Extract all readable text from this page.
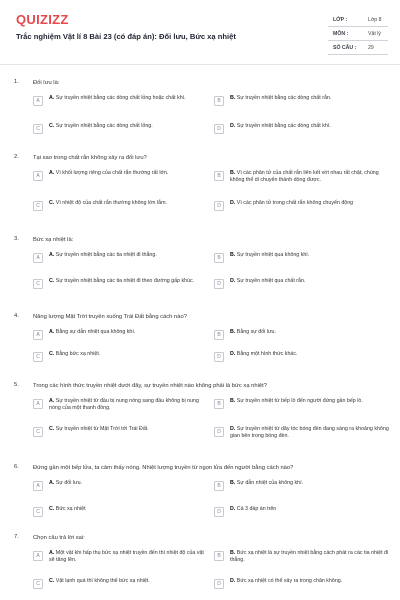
QUIZIZZ
Trắc nghiệm Vật lí 8 Bài 23 (có đáp án): Đối lưu, Bức xạ nhiệt
LỚP :	Lớp 8
MÔN :	Vật lý
SỐ CÂU : 29
1. Đối lưu là:
A	A. Sự truyền nhiệt bằng các dòng chất lỏng hoặc chất khí.	B	B. Sự truyền nhiệt bằng các dòng chất rắn.
C	C. Sự truyền nhiệt bằng các dòng chất lỏng.	D	D. Sự truyền nhiệt bằng các dòng chất khí.
2. Tại sao trong chất rắn không xảy ra đối lưu?
A	A. Vì khối lượng riêng của chất rắn thường rất lớn.	B	B. Vì các phân tử của chất rắn liên kết với nhau rất chặt, chúng không thể di chuyển thành dòng được.
C	C. Vì nhiệt độ của chất rắn thường không lớn lắm.	D	D. Vì các phân tử trong chất rắn không chuyển động
3. Bức xạ nhiệt là:
A	A. Sự truyền nhiệt bằng các tia nhiệt đi thẳng.	B	B. Sự truyền nhiệt qua không khí.
C	C. Sự truyền nhiệt bằng các tia nhiệt đi theo đường gấp khúc.	D	D. Sự truyền nhiệt qua chất rắn.
4. Năng lượng Mặt Trời truyền xuống Trái Đất bằng cách nào?
A	A. Bằng sự dẫn nhiệt qua không khí.	B	B. Bằng sự đối lưu.
C	C. Bằng bức xạ nhiệt.	D	D. Bằng một hình thức khác.
5. Trong các hình thức truyền nhiệt dưới đây, sự truyền nhiệt nào không phải là bức xạ nhiệt?
A	A. Sự truyền nhiệt từ đầu bị nung nóng sang đầu không bị nung nóng của một thanh đồng.
B	B. Sự truyền nhiệt từ bếp lò đến người đứng gần bếp lò.
C	C. Sự truyền nhiệt từ Mặt Trời tới Trái Đất.	D	D. Sự truyền nhiệt từ dây tóc bóng đèn đang sáng ra khoảng không gian bên trong bóng đèn.
6. Đứng gần một bếp lửa, ta cảm thấy nóng. Nhiệt lượng truyền từ ngọn lửa đến người bằng cách nào?
A	A. Sự đối lưu.	B	B. Sự dẫn nhiệt của không khí.
C	C. Bức xạ nhiệt	D	D. Cả 3 đáp án trên
7. Chọn câu trả lời sai:
A	A. Một vật khi hấp thụ bức xạ nhiệt truyền đến thì nhiệt độ của vật sẽ tăng lên.
B	B. Bức xạ nhiệt là sự truyền nhiệt bằng cách phát ra các tia nhiệt đi thẳng.
C	C. Vật lạnh quá thì không thể bức xạ nhiệt.	D	D. Bức xạ nhiệt có thể xảy ra trong chân không.
